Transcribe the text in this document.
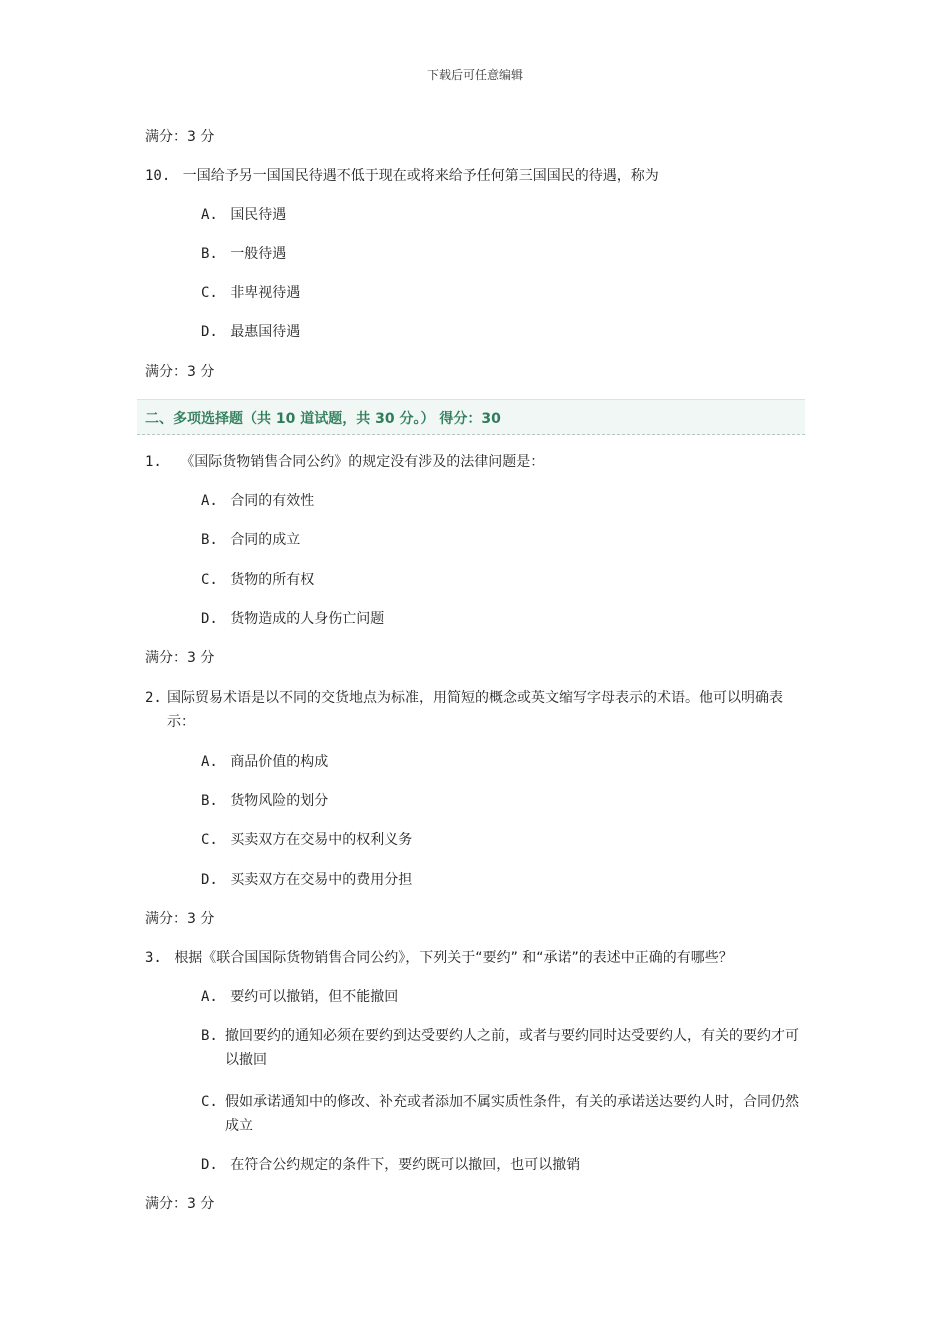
下载后可任意编辑
满分：3 分
10. 一国给予另一国国民待遇不低于现在或将来给予任何第三国国民的待遇，称为
A. 国民待遇
B. 一般待遇
C. 非卑视待遇
D. 最惠国待遇
满分：3 分
二、多项选择题（共 10 道试题，共 30 分。） 得分：30
1. 《国际货物销售合同公约》的规定没有涉及的法律问题是：
A. 合同的有效性
B. 合同的成立
C. 货物的所有权
D. 货物造成的人身伤亡问题
满分：3 分
2. 国际贸易术语是以不同的交货地点为标准，用简短的概念或英文缩写字母表示的术语。他可以明确表示：
A. 商品价值的构成
B. 货物风险的划分
C. 买卖双方在交易中的权利义务
D. 买卖双方在交易中的费用分担
满分：3 分
3. 根据《联合国国际货物销售合同公约》，下列关于“要约” 和“承诺”的表述中正确的有哪些？
A. 要约可以撤销，但不能撤回
B. 撤回要约的通知必须在要约到达受要约人之前，或者与要约同时达受要约人，有关的要约才可以撤回
C. 假如承诺通知中的修改、补充或者添加不属实质性条件，有关的承诺送达要约人时，合同仍然成立
D. 在符合公约规定的条件下，要约既可以撤回，也可以撤销
满分：3 分
